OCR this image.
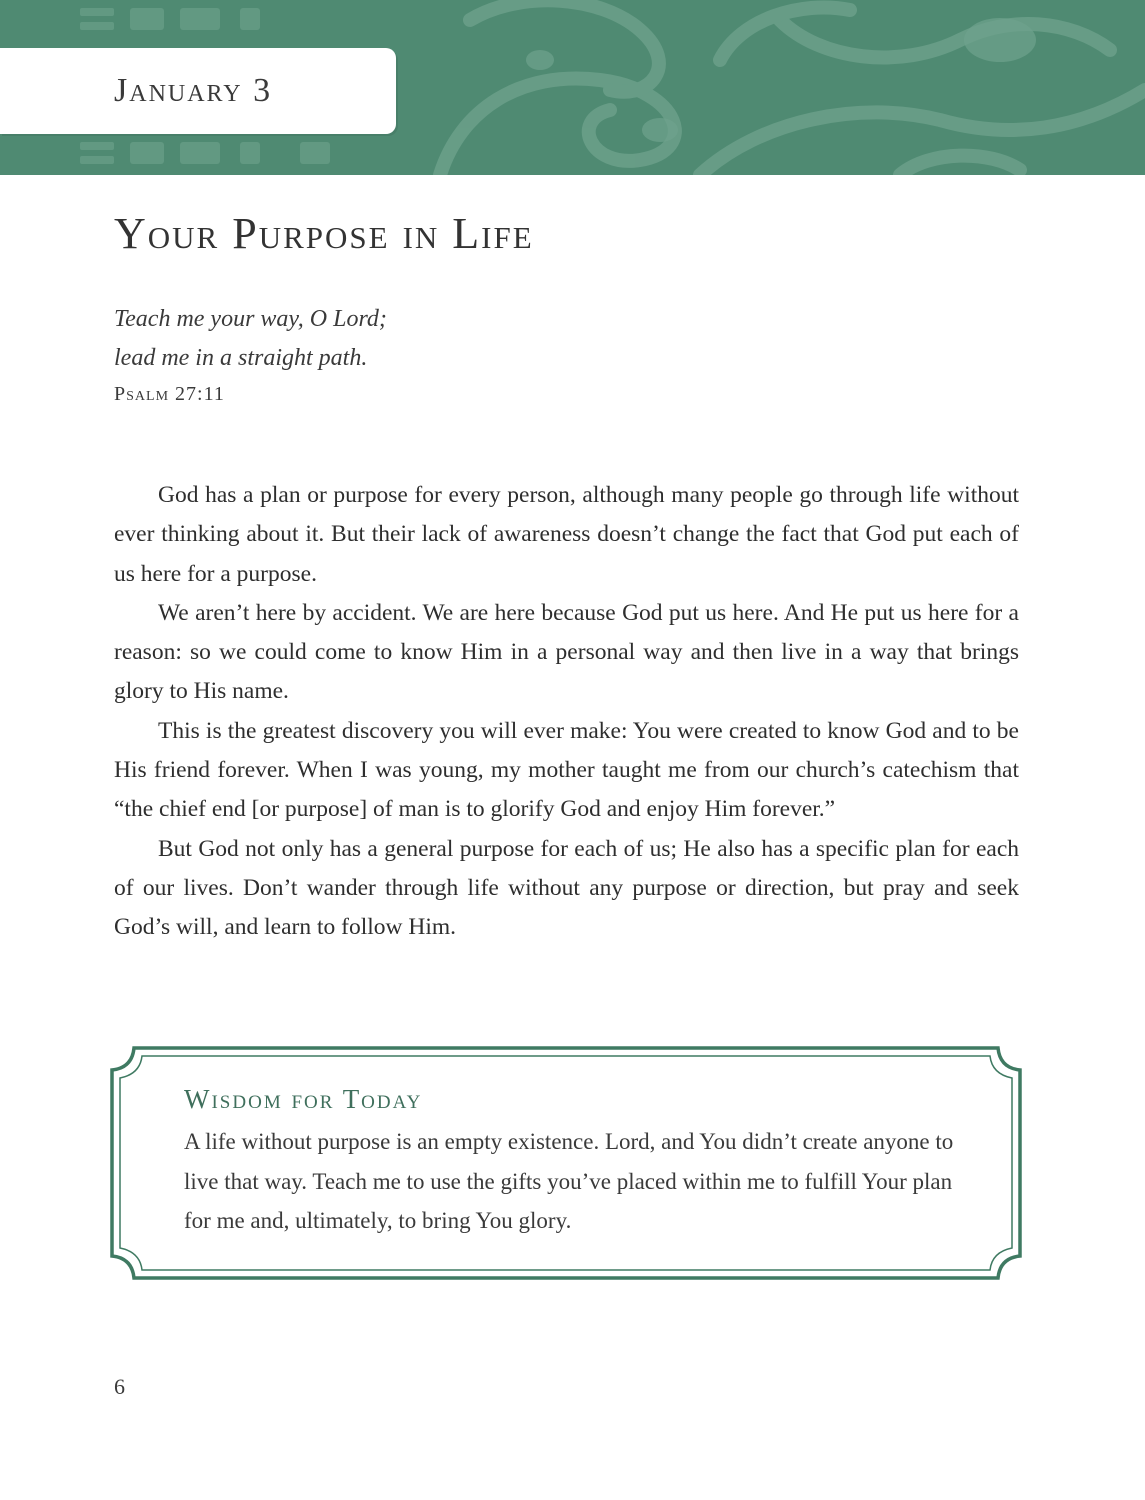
January 3
Your Purpose in Life
Teach me your way, O Lord;
lead me in a straight path.
Psalm 27:11

God has a plan or purpose for every person, although many people go through life without ever thinking about it. But their lack of awareness doesn’t change the fact that God put each of us here for a purpose.

We aren’t here by accident. We are here because God put us here. And He put us here for a reason: so we could come to know Him in a personal way and then live in a way that brings glory to His name.

This is the greatest discovery you will ever make: You were created to know God and to be His friend forever. When I was young, my mother taught me from our church’s catechism that “the chief end [or purpose] of man is to glorify God and enjoy Him forever.”

But God not only has a general purpose for each of us; He also has a specific plan for each of our lives. Don’t wander through life without any purpose or direction, but pray and seek God’s will, and learn to follow Him.

Wisdom for Today
A life without purpose is an empty existence. Lord, and You didn’t create anyone to live that way. Teach me to use the gifts you’ve placed within me to fulfill Your plan for me and, ultimately, to bring You glory.
6
